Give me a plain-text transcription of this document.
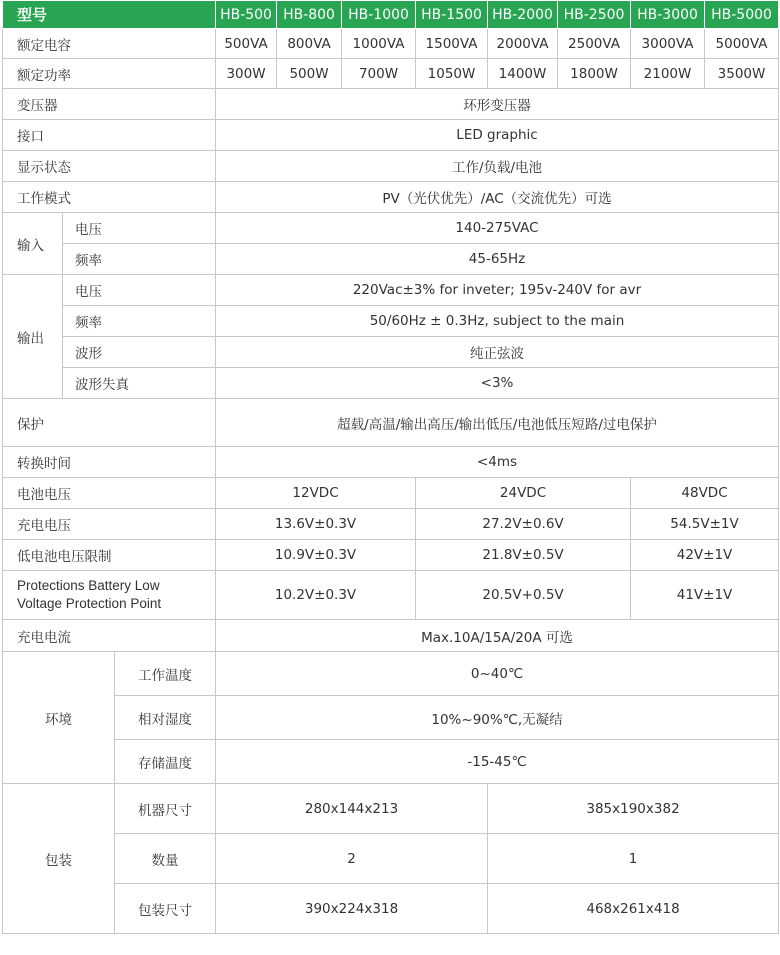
型号			HB-500	HB-800	HB-1000	HB-1500	HB-2000	HB-2500	HB-3000	HB-5000
额定电容			500VA	800VA	1000VA	1500VA	2000VA	2500VA	3000VA	5000VA
额定功率			300W	500W	700W	1050W	1400W	1800W	2100W	3500W
变压器			环形变压器							
接口			LED graphic							
显示状态			工作/负载/电池							
工作模式			PV（光伏优先）/AC（交流优先）可选							
输入	电压		140-275VAC							
	频率		45-65Hz							
输出	电压		220Vac±3% for inveter; 195v-240V for avr							
	频率		50/60Hz ± 0.3Hz, subject to the main							
	波形		纯正弦波							
	波形失真		<3%							
保护			超载/高温/输出高压/输出低压/电池低压短路/过电保护							
转换时间			<4ms							
电池电压			12VDC			24VDC			48VDC	
充电电压			13.6V±0.3V			27.2V±0.6V			54.5V±1V	
低电池电压限制			10.9V±0.3V			21.8V±0.5V			42V±1V	
Protections Battery Low
Voltage Protection Point			10.2V±0.3V			20.5V+0.5V			41V±1V	
充电电流			Max.10A/15A/20A 可选							
环境		工作温度	0~40℃							
		相对湿度	10%~90%℃,无凝结							
		存储温度	-15-45℃							
包装		机器尺寸	280x144x213				385x190x382			
		数量	2				1			
		包装尺寸	390x224x318				468x261x418			
